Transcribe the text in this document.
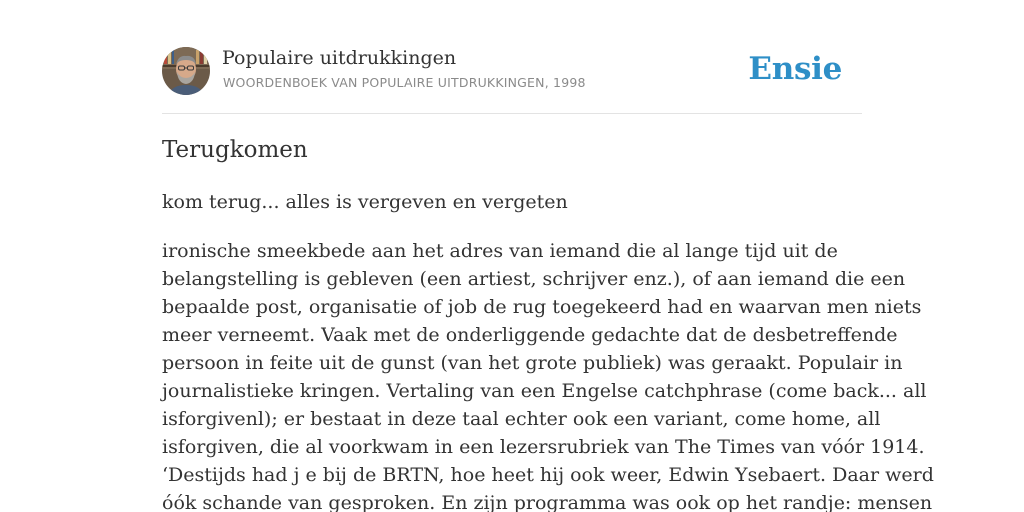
Populaire uitdrukkingen
WOORDENBOEK VAN POPULAIRE UITDRUKKINGEN, 1998	Ensie
Terugkomen

kom terug... alles is vergeven en vergeten

ironische smeekbede aan het adres van iemand die al lange tijd uit de
belangstelling is gebleven (een artiest, schrijver enz.), of aan iemand die een
bepaalde post, organisatie of job de rug toegekeerd had en waarvan men niets
meer verneemt. Vaak met de onderliggende gedachte dat de desbetreffende
persoon in feite uit de gunst (van het grote publiek) was geraakt. Populair in
journalistieke kringen. Vertaling van een Engelse catchphrase (come back... all
isforgivenl); er bestaat in deze taal echter ook een variant, come home, all
isforgiven, die al voorkwam in een lezersrubriek van The Times van vóór 1914.
‘Destijds had j e bij de BRTN, hoe heet hij ook weer, Edwin Ysebaert. Daar werd
óók schande van gesproken. En zijn programma was ook op het randje: mensen
